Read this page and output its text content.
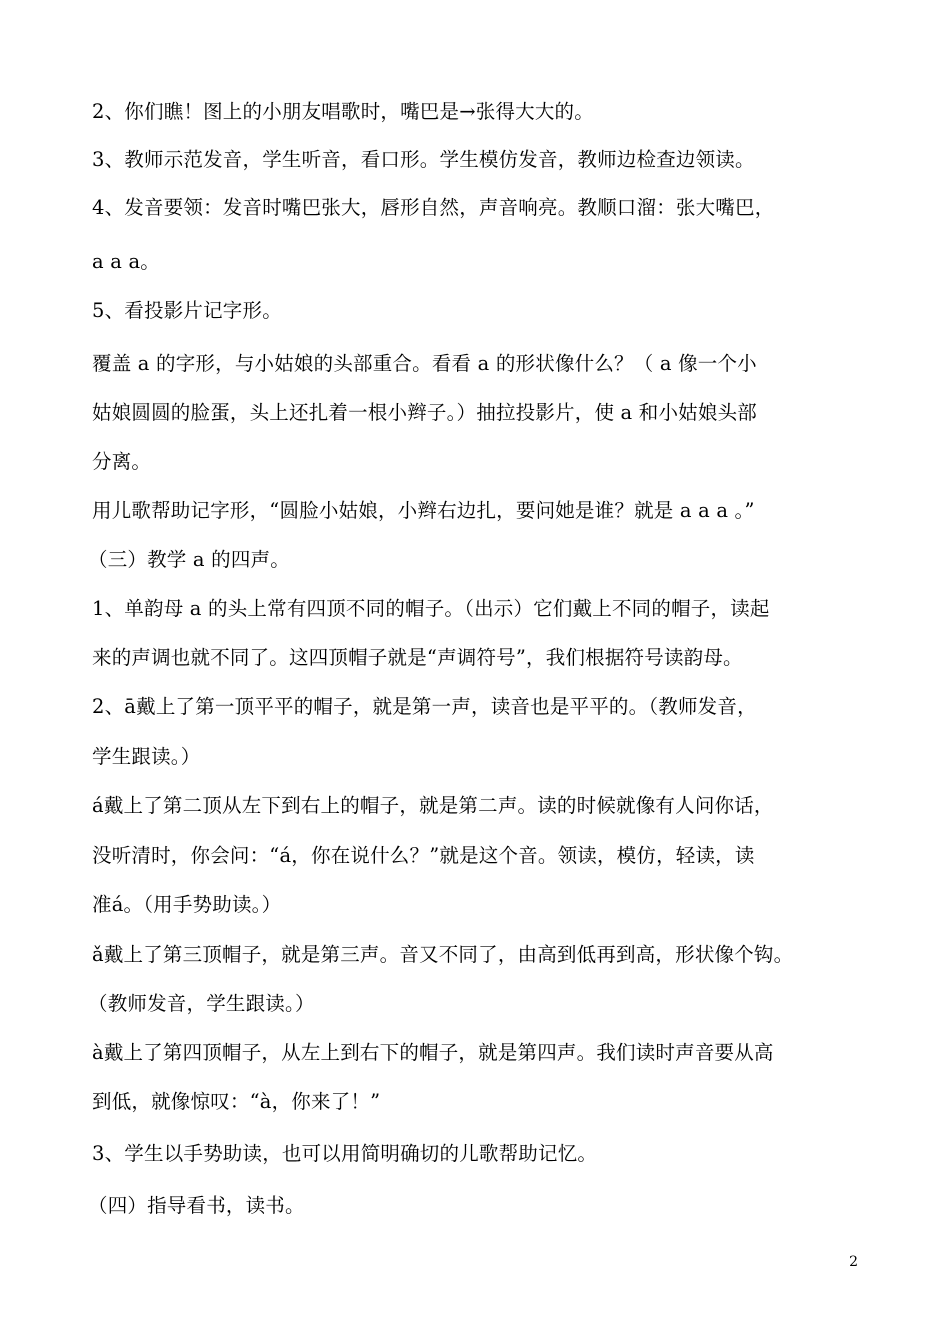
2、你们瞧！图上的小朋友唱歌时，嘴巴是→张得大大的。
3、教师示范发音，学生听音，看口形。学生模仿发音，教师边检查边领读。
4、发音要领：发音时嘴巴张大，唇形自然，声音响亮。教顺口溜：张大嘴巴，
a a a。
5、看投影片记字形。
覆盖 a 的字形，与小姑娘的头部重合。看看 a 的形状像什么？（ a 像一个小
姑娘圆圆的脸蛋，头上还扎着一根小辫子。）抽拉投影片，使 a 和小姑娘头部
分离。
用儿歌帮助记字形，“圆脸小姑娘，小辫右边扎，要问她是谁？就是 a a a 。”
（三）教学 a 的四声。
1、单韵母 a 的头上常有四顶不同的帽子。（出示）它们戴上不同的帽子，读起
来的声调也就不同了。这四顶帽子就是“声调符号”，我们根据符号读韵母。
2、ā戴上了第一顶平平的帽子，就是第一声，读音也是平平的。（教师发音，
学生跟读。）
á戴上了第二顶从左下到右上的帽子，就是第二声。读的时候就像有人问你话，
没听清时，你会问：“á，你在说什么？”就是这个音。领读，模仿，轻读，读
准á。（用手势助读。）
ǎ戴上了第三顶帽子，就是第三声。音又不同了，由高到低再到高，形状像个钩。
（教师发音，学生跟读。）
à戴上了第四顶帽子，从左上到右下的帽子，就是第四声。我们读时声音要从高
到低，就像惊叹：“à，你来了！”
3、学生以手势助读，也可以用简明确切的儿歌帮助记忆。
（四）指导看书，读书。
2
